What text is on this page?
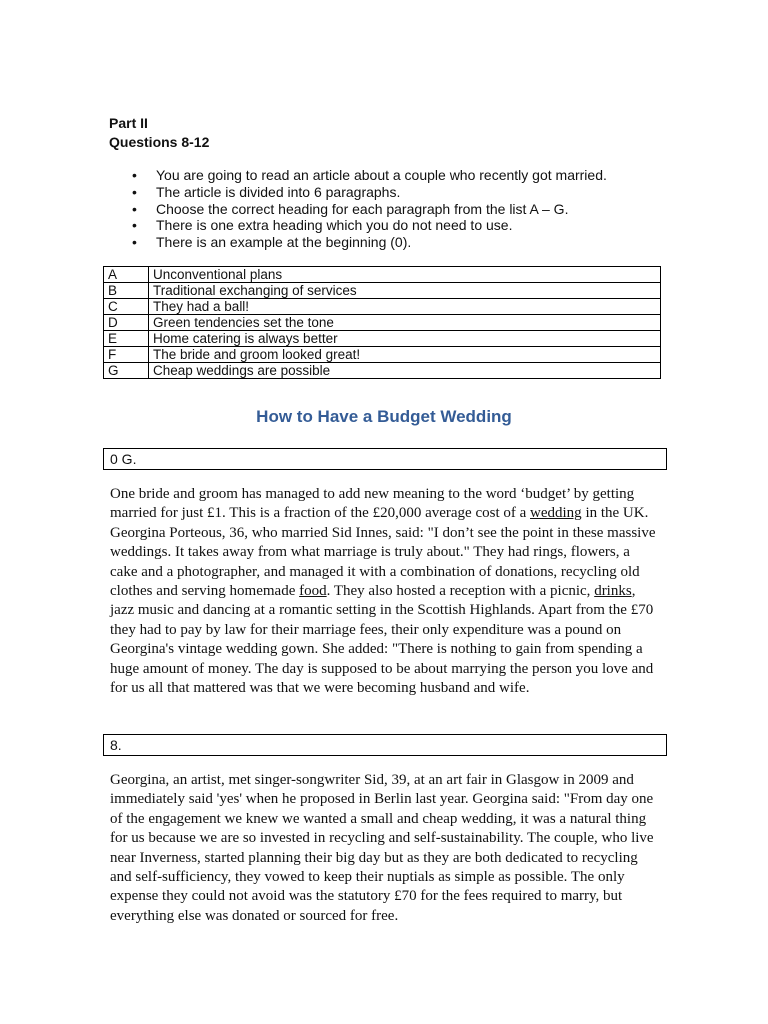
Part II
Questions 8-12
• You are going to read an article about a couple who recently got married.
• The article is divided into 6 paragraphs.
• Choose the correct heading for each paragraph from the list A – G.
• There is one extra heading which you do not need to use.
• There is an example at the beginning (0).
A	Unconventional plans
B	Traditional exchanging of services
C	They had a ball!
D	Green tendencies set the tone
E	Home catering is always better
F	The bride and groom looked great!
G	Cheap weddings are possible
How to Have a Budget Wedding
0 G.

One bride and groom has managed to add new meaning to the word ‘budget’ by getting married for just £1. This is a fraction of the £20,000 average cost of a wedding in the UK. Georgina Porteous, 36, who married Sid Innes, said: "I don’t see the point in these massive weddings. It takes away from what marriage is truly about." They had rings, flowers, a cake and a photographer, and managed it with a combination of donations, recycling old clothes and serving homemade food. They also hosted a reception with a picnic, drinks, jazz music and dancing at a romantic setting in the Scottish Highlands. Apart from the £70 they had to pay by law for their marriage fees, their only expenditure was a pound on Georgina's vintage wedding gown. She added: "There is nothing to gain from spending a huge amount of money. The day is supposed to be about marrying the person you love and for us all that mattered was that we were becoming husband and wife.

8.

Georgina, an artist, met singer-songwriter Sid, 39, at an art fair in Glasgow in 2009 and immediately said 'yes' when he proposed in Berlin last year. Georgina said: "From day one of the engagement we knew we wanted a small and cheap wedding, it was a natural thing for us because we are so invested in recycling and self-sustainability. The couple, who live near Inverness, started planning their big day but as they are both dedicated to recycling and self-sufficiency, they vowed to keep their nuptials as simple as possible. The only expense they could not avoid was the statutory £70 for the fees required to marry, but everything else was donated or sourced for free.
